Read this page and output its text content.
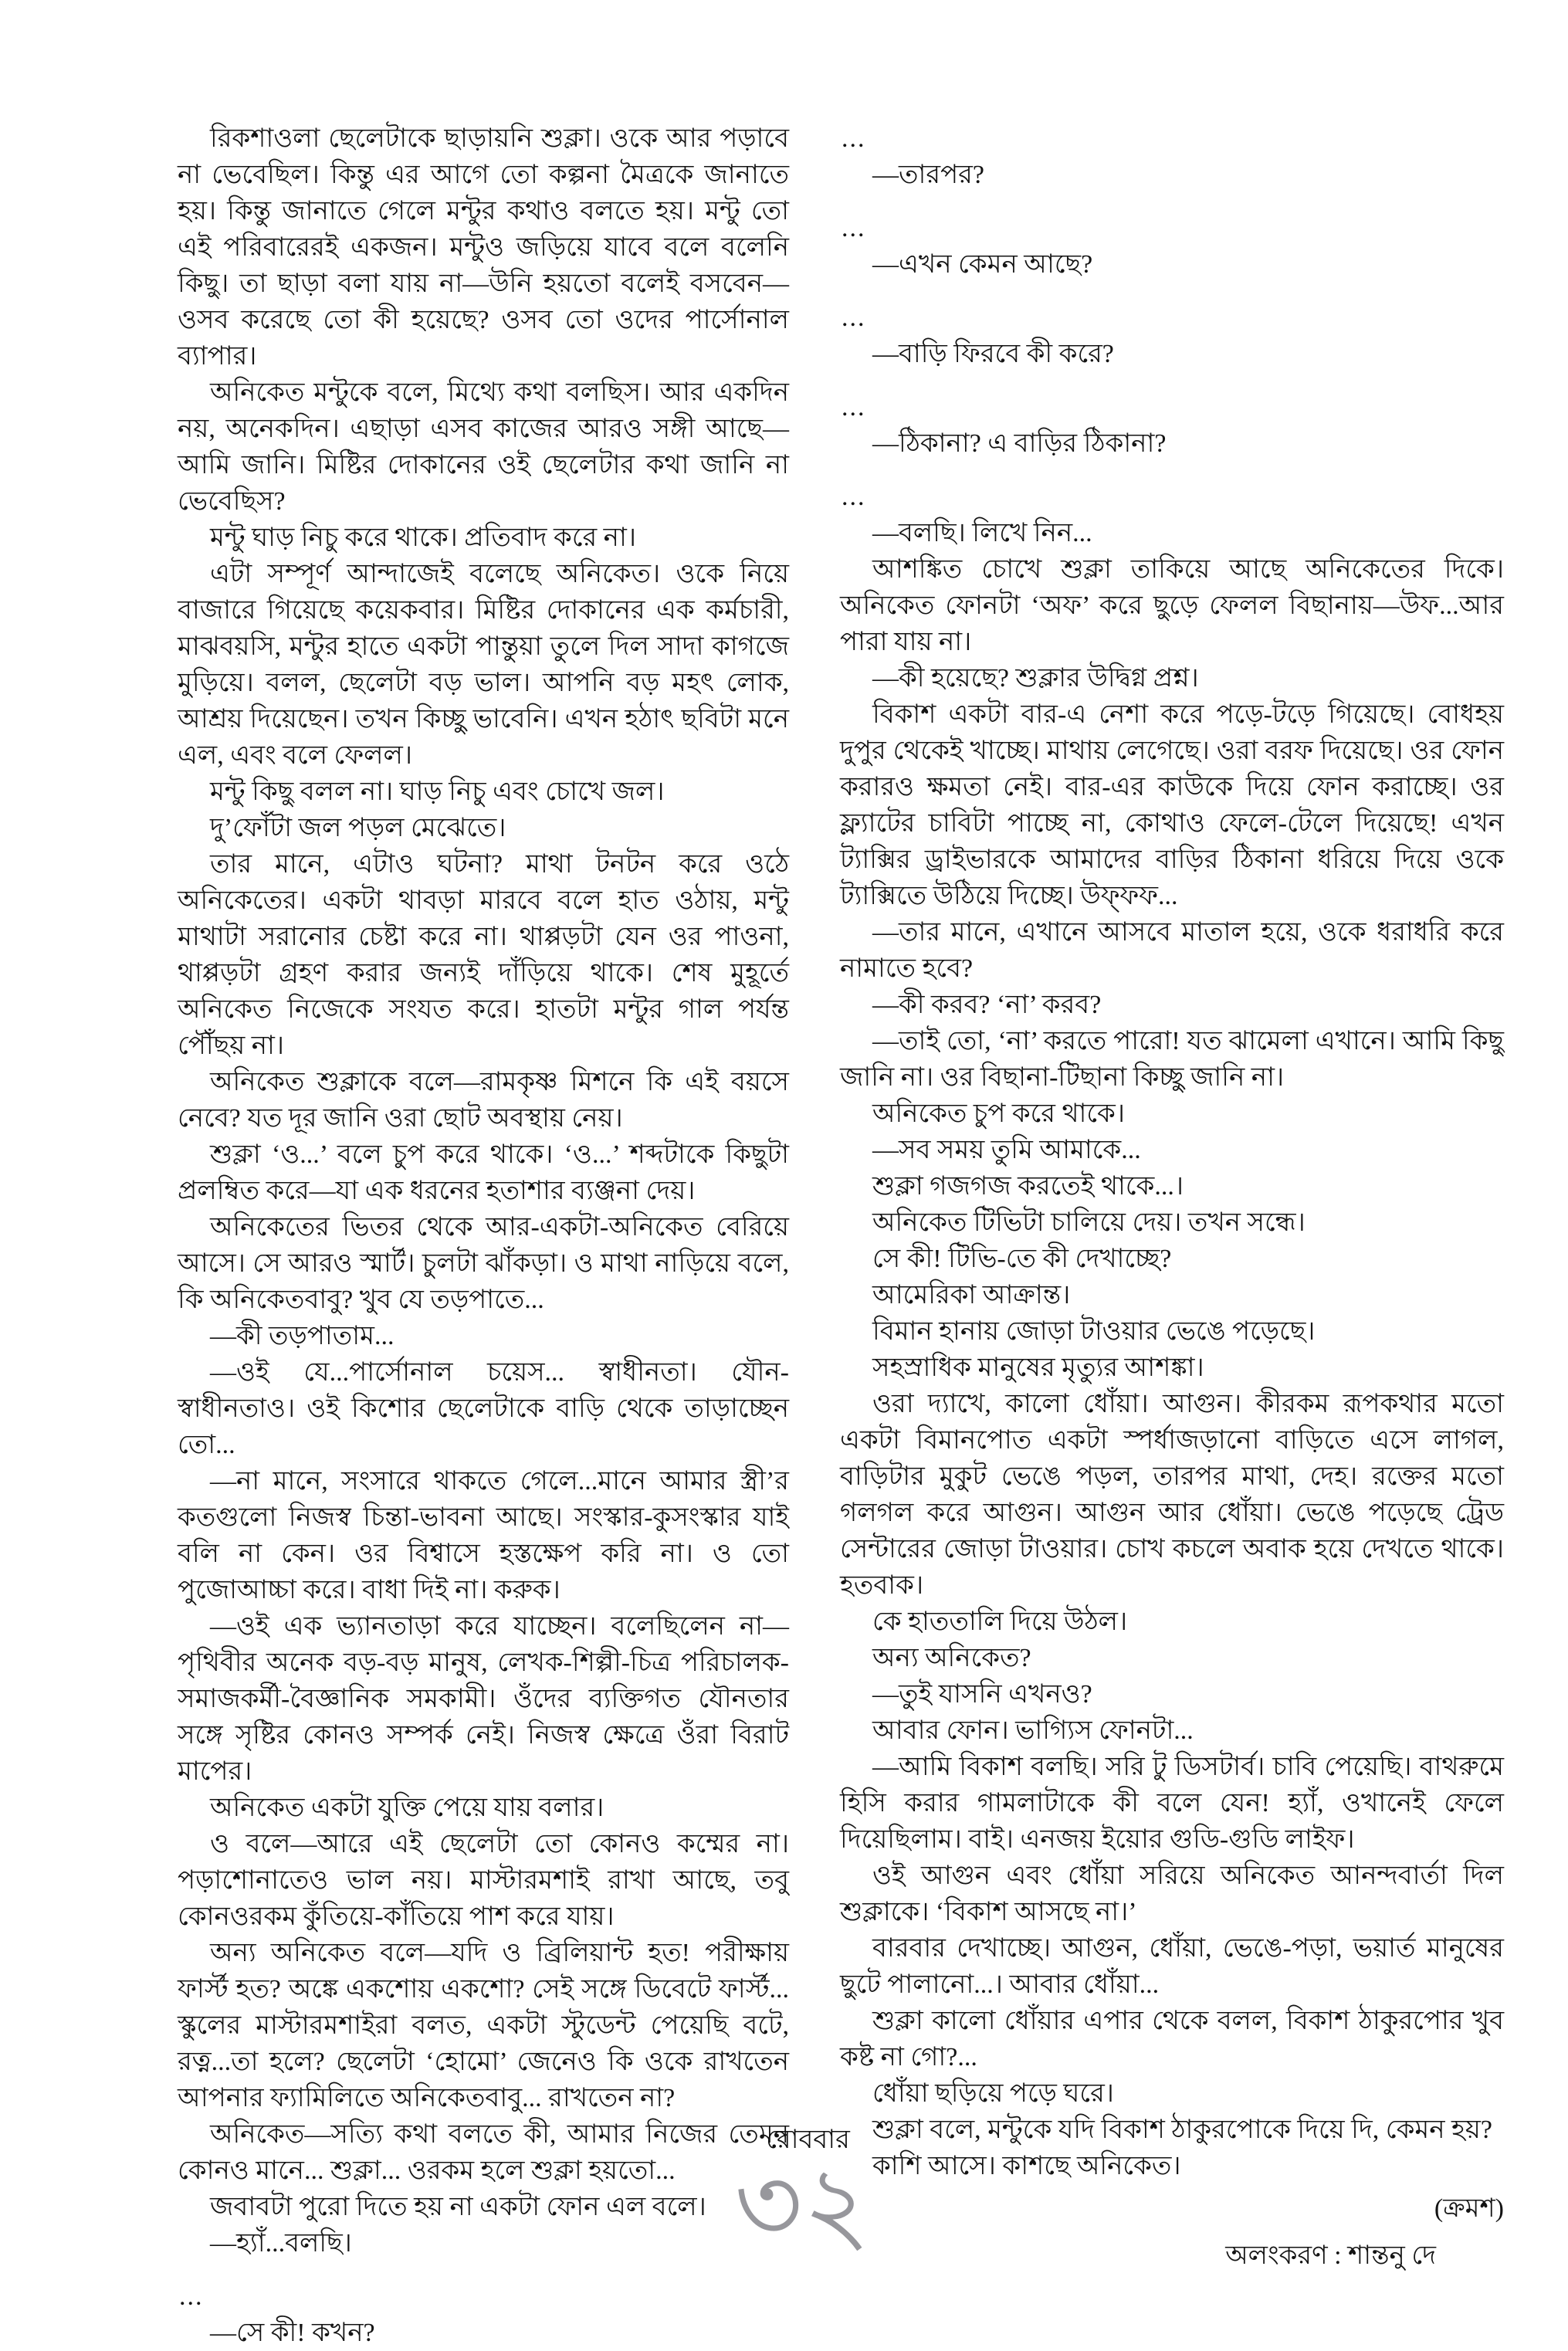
রিকশাওলা ছেলেটাকে ছাড়ায়নি শুক্লা। ওকে আর পড়াবে না ভেবেছিল। কিন্তু এর আগে তো কল্পনা মৈত্রকে জানাতে হয়। কিন্তু জানাতে গেলে মন্টুর কথাও বলতে হয়। মন্টু তো এই পরিবারেরই একজন। মন্টুও জড়িয়ে যাবে বলে বলেনি কিছু। তা ছাড়া বলা যায় না—উনি হয়তো বলেই বসবেন—ওসব করেছে তো কী হয়েছে? ওসব তো ওদের পার্সোনাল ব্যাপার।

অনিকেত মন্টুকে বলে, মিথ্যে কথা বলছিস। আর একদিন নয়, অনেকদিন। এছাড়া এসব কাজের আরও সঙ্গী আছে—আমি জানি। মিষ্টির দোকানের ওই ছেলেটার কথা জানি না ভেবেছিস?

মন্টু ঘাড় নিচু করে থাকে। প্রতিবাদ করে না।

এটা সম্পূর্ণ আন্দাজেই বলেছে অনিকেত। ওকে নিয়ে বাজারে গিয়েছে কয়েকবার। মিষ্টির দোকানের এক কর্মচারী, মাঝবয়সি, মন্টুর হাতে একটা পান্তুয়া তুলে দিল সাদা কাগজে মুড়িয়ে। বলল, ছেলেটা বড় ভাল। আপনি বড় মহৎ লোক, আশ্রয় দিয়েছেন। তখন কিচ্ছু ভাবেনি। এখন হঠাৎ ছবিটা মনে এল, এবং বলে ফেলল।

মন্টু কিছু বলল না। ঘাড় নিচু এবং চোখে জল।

দু’ফোঁটা জল পড়ল মেঝেতে।

তার মানে, এটাও ঘটনা? মাথা টনটন করে ওঠে অনিকেতের। একটা থাবড়া মারবে বলে হাত ওঠায়, মন্টু মাথাটা সরানোর চেষ্টা করে না। থাপ্পড়টা যেন ওর পাওনা, থাপ্পড়টা গ্রহণ করার জন্যই দাঁড়িয়ে থাকে। শেষ মুহূর্তে অনিকেত নিজেকে সংযত করে। হাতটা মন্টুর গাল পর্যন্ত পৌঁছয় না।

অনিকেত শুক্লাকে বলে—রামকৃষ্ণ মিশনে কি এই বয়সে নেবে? যত দূর জানি ওরা ছোট অবস্থায় নেয়।

শুক্লা ‘ও...’ বলে চুপ করে থাকে। ‘ও...’ শব্দটাকে কিছুটা প্রলম্বিত করে—যা এক ধরনের হতাশার ব্যঞ্জনা দেয়।

অনিকেতের ভিতর থেকে আর-একটা-অনিকেত বেরিয়ে আসে। সে আরও স্মার্ট। চুলটা ঝাঁকড়া। ও মাথা নাড়িয়ে বলে, কি অনিকেতবাবু? খুব যে তড়পাতে...

—কী তড়পাতাম...

—ওই যে...পার্সোনাল চয়েস... স্বাধীনতা। যৌন-স্বাধীনতাও। ওই কিশোর ছেলেটাকে বাড়ি থেকে তাড়াচ্ছেন তো...

—না মানে, সংসারে থাকতে গেলে...মানে আমার স্ত্রী’র কতগুলো নিজস্ব চিন্তা-ভাবনা আছে। সংস্কার-কুসংস্কার যাই বলি না কেন। ওর বিশ্বাসে হস্তক্ষেপ করি না। ও তো পুজোআচ্চা করে। বাধা দিই না। করুক।

—ওই এক ভ্যানতাড়া করে যাচ্ছেন। বলেছিলেন না—পৃথিবীর অনেক বড়-বড় মানুষ, লেখক-শিল্পী-চিত্র পরিচালক-সমাজকর্মী-বৈজ্ঞানিক সমকামী। ওঁদের ব্যক্তিগত যৌনতার সঙ্গে সৃষ্টির কোনও সম্পর্ক নেই। নিজস্ব ক্ষেত্রে ওঁরা বিরাট মাপের।

অনিকেত একটা যুক্তি পেয়ে যায় বলার।

ও বলে—আরে এই ছেলেটা তো কোনও কম্মের না। পড়াশোনাতেও ভাল নয়। মাস্টারমশাই রাখা আছে, তবু কোনওরকম কুঁতিয়ে-কাঁতিয়ে পাশ করে যায়।

অন্য অনিকেত বলে—যদি ও ব্রিলিয়ান্ট হত! পরীক্ষায় ফার্স্ট হত? অঙ্কে একশোয় একশো? সেই সঙ্গে ডিবেটে ফার্স্ট... স্কুলের মাস্টারমশাইরা বলত, একটা স্টুডেন্ট পেয়েছি বটে, রত্ন...তা হলে? ছেলেটা ‘হোমো’ জেনেও কি ওকে রাখতেন আপনার ফ্যামিলিতে অনিকেতবাবু... রাখতেন না?

অনিকেত—সত্যি কথা বলতে কী, আমার নিজের তেমন কোনও মানে... শুক্লা... ওরকম হলে শুক্লা হয়তো...

জবাবটা পুরো দিতে হয় না একটা ফোন এল বলে।

—হ্যাঁ...বলছি।

...

—সে কী! কখন?

...

—তারপর?

...

—এখন কেমন আছে?

...

—বাড়ি ফিরবে কী করে?

...

—ঠিকানা? এ বাড়ির ঠিকানা?

...

—বলছি। লিখে নিন...

আশঙ্কিত চোখে শুক্লা তাকিয়ে আছে অনিকেতের দিকে। অনিকেত ফোনটা ‘অফ’ করে ছুড়ে ফেলল বিছানায়—উফ...আর পারা যায় না।

—কী হয়েছে? শুক্লার উদ্বিগ্ন প্রশ্ন।

বিকাশ একটা বার-এ নেশা করে পড়ে-টড়ে গিয়েছে। বোধহয় দুপুর থেকেই খাচ্ছে। মাথায় লেগেছে। ওরা বরফ দিয়েছে। ওর ফোন করারও ক্ষমতা নেই। বার-এর কাউকে দিয়ে ফোন করাচ্ছে। ওর ফ্ল্যাটের চাবিটা পাচ্ছে না, কোথাও ফেলে-টেলে দিয়েছে! এখন ট্যাক্সির ড্রাইভারকে আমাদের বাড়ির ঠিকানা ধরিয়ে দিয়ে ওকে ট্যাক্সিতে উঠিয়ে দিচ্ছে। উফ্‌ফফ...

—তার মানে, এখানে আসবে মাতাল হয়ে, ওকে ধরাধরি করে নামাতে হবে?

—কী করব? ‘না’ করব?

—তাই তো, ‘না’ করতে পারো! যত ঝামেলা এখানে। আমি কিছু জানি না। ওর বিছানা-টিছানা কিচ্ছু জানি না।

অনিকেত চুপ করে থাকে।

—সব সময় তুমি আমাকে...

শুক্লা গজগজ করতেই থাকে...।

অনিকেত টিভিটা চালিয়ে দেয়। তখন সন্ধে।

সে কী! টিভি-তে কী দেখাচ্ছে?

আমেরিকা আক্রান্ত।

বিমান হানায় জোড়া টাওয়ার ভেঙে পড়েছে।

সহস্রাধিক মানুষের মৃত্যুর আশঙ্কা।

ওরা দ্যাখে, কালো ধোঁয়া। আগুন। কীরকম রূপকথার মতো একটা বিমানপোত একটা স্পর্ধাজড়ানো বাড়িতে এসে লাগল, বাড়িটার মুকুট ভেঙে পড়ল, তারপর মাথা, দেহ। রক্তের মতো গলগল করে আগুন। আগুন আর ধোঁয়া। ভেঙে পড়েছে ট্রেড সেন্টারের জোড়া টাওয়ার। চোখ কচলে অবাক হয়ে দেখতে থাকে। হতবাক।

কে হাততালি দিয়ে উঠল।

অন্য অনিকেত?

—তুই যাসনি এখনও?

আবার ফোন। ভাগ্যিস ফোনটা...

—আমি বিকাশ বলছি। সরি টু ডিসটার্ব। চাবি পেয়েছি। বাথরুমে হিসি করার গামলাটাকে কী বলে যেন! হ্যাঁ, ওখানেই ফেলে দিয়েছিলাম। বাই। এনজয় ইয়োর গুডি-গুডি লাইফ।

ওই আগুন এবং ধোঁয়া সরিয়ে অনিকেত আনন্দবার্তা দিল শুক্লাকে। ‘বিকাশ আসছে না।’

বারবার দেখাচ্ছে। আগুন, ধোঁয়া, ভেঙে-পড়া, ভয়ার্ত মানুষের ছুটে পালানো...। আবার ধোঁয়া...

শুক্লা কালো ধোঁয়ার এপার থেকে বলল, বিকাশ ঠাকুরপোর খুব কষ্ট না গো?...

ধোঁয়া ছড়িয়ে পড়ে ঘরে।

শুক্লা বলে, মন্টুকে যদি বিকাশ ঠাকুরপোকে দিয়ে দি, কেমন হয়?

কাশি আসে। কাশছে অনিকেত।

(ক্রমশ)

অলংকরণ : শান্তনু দে

রোববার
৩২
